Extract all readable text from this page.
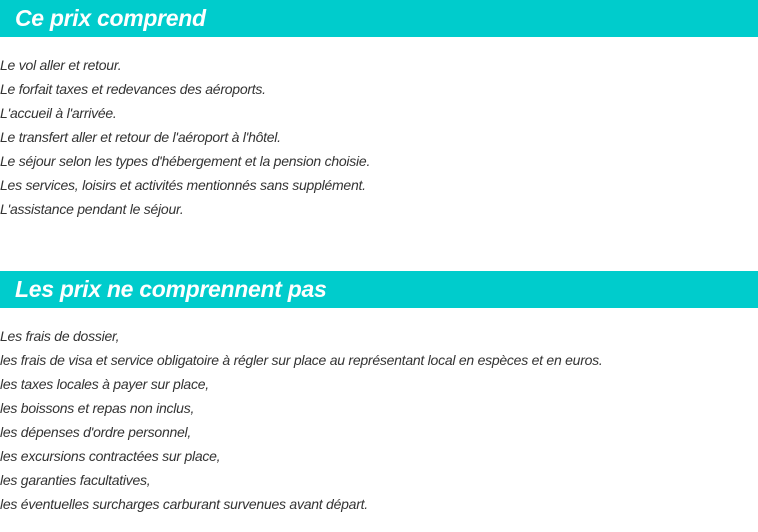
Ce prix comprend
Le vol aller et retour.
Le forfait taxes et redevances des aéroports.
L'accueil à l'arrivée.
Le transfert aller et retour de l'aéroport à l'hôtel.
Le séjour selon les types d'hébergement et la pension choisie.
Les services, loisirs et activités mentionnés sans supplément.
L'assistance pendant le séjour.
Les prix ne comprennent pas
Les frais de dossier,
les frais de visa et service obligatoire à régler sur place au représentant local en espèces et en euros.
les taxes locales à payer sur place,
les boissons et repas non inclus,
les dépenses d'ordre personnel,
les excursions contractées sur place,
les garanties facultatives,
les éventuelles surcharges carburant survenues avant départ.
